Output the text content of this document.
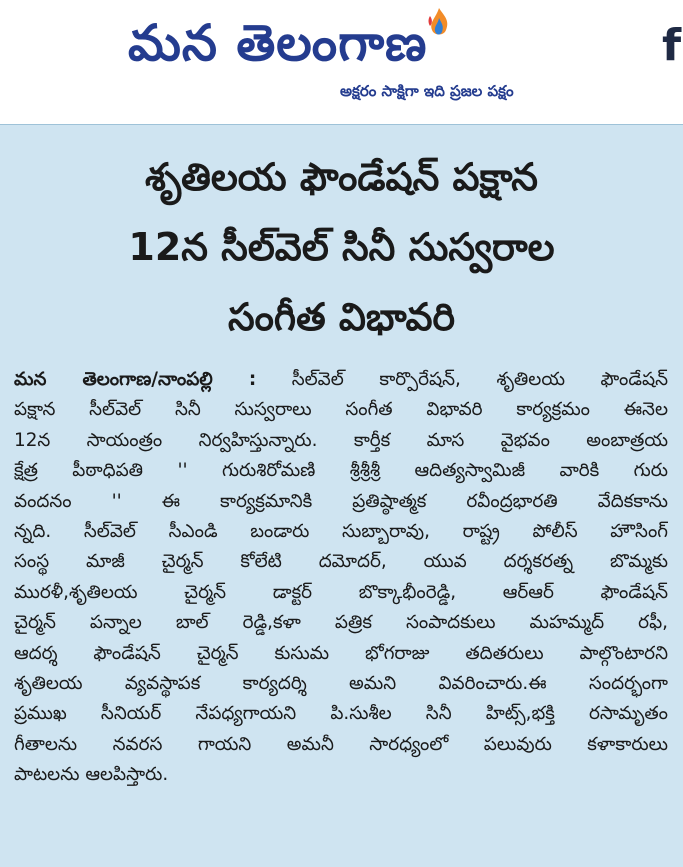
మన తెలంగాణ
అక్షరం సాక్షిగా ఇది ప్రజల పక్షం
f
శృతిలయ ఫౌండేషన్ పక్షాన
12న సీల్‌వెల్ సినీ సుస్వరాల
సంగీత విభావరి
మన తెలంగాణ/నాంపల్లి : సీల్‌వెల్ కార్పొరేషన్, శృతిలయ ఫౌండేషన్
పక్షాన సీల్‌వెల్ సినీ సుస్వరాలు సంగీత విభావరి కార్యక్రమం ఈనెల
12న సాయంత్రం నిర్వహిస్తున్నారు. కార్తీక మాస వైభవం అంబాత్రయ
క్షేత్ర పీఠాధిపతి '' గురుశిరోమణి శ్రీశ్రీశ్రీ ఆదిత్యస్వామిజీ వారికి గురు
వందనం '' ఈ కార్యక్రమానికి ప్రతిష్ఠాత్మక రవీంద్రభారతి వేదికకాను
న్నది. సీల్‌వెల్ సీఎండి బండారు సుబ్బారావు, రాష్ట్ర పోలీస్ హౌసింగ్
సంస్థ మాజీ చైర్మన్ కోలేటి దమోదర్, యువ దర్శకరత్న బొమ్మకు
మురళీ,శృతిలయ చైర్మన్ డాక్టర్ బొక్కాభీంరెడ్డి, ఆర్‌ఆర్ ఫౌండేషన్
చైర్మన్ పన్నాల బాల్ రెడ్డి,కళా పత్రిక సంపాదకులు మహమ్మద్ రఫీ,
ఆదర్శ ఫౌండేషన్ చైర్మన్ కుసుమ భోగరాజు తదితరులు పాల్గొంటారని
శృతిలయ వ్యవస్థాపక కార్యదర్శి అమని వివరించారు.ఈ సందర్భంగా
ప్రముఖ సీనియర్ నేపధ్యగాయని పి.సుశీల సినీ హిట్స్,భక్తి రసామృతం
గీతాలను నవరస గాయని అమనీ సారధ్యంలో పలువురు కళాకారులు
పాటలను ఆలపిస్తారు.
